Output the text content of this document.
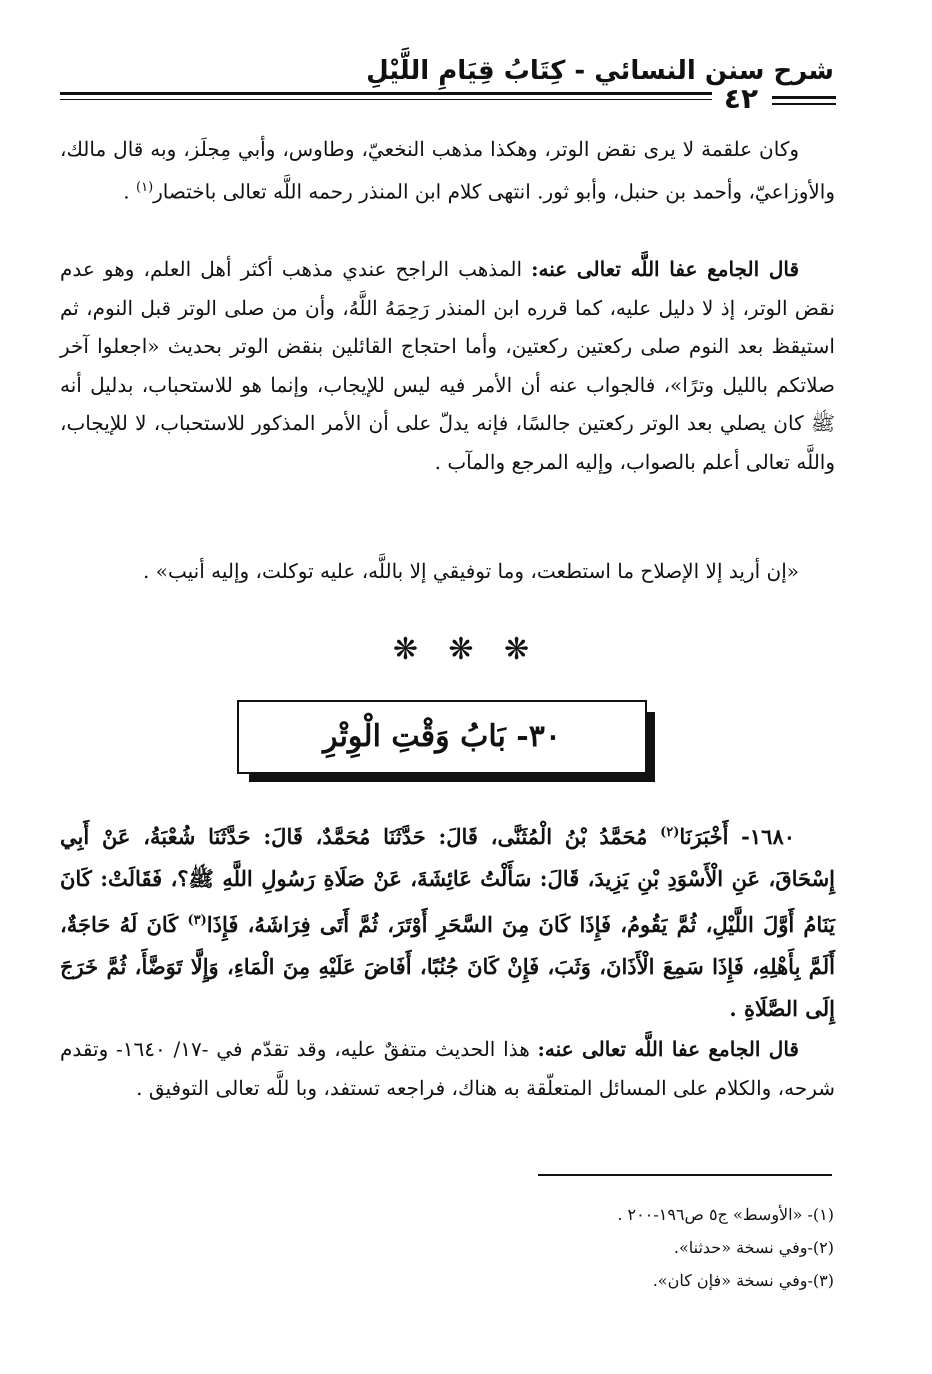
شرح سنن النسائي - كِتَابُ قِيَامِ اللَّيْلِ
٤٢

وكان علقمة لا يرى نقض الوتر، وهكذا مذهب النخعيّ، وطاوس، وأبي مِجلَز، وبه قال مالك، والأوزاعيّ، وأحمد بن حنبل، وأبو ثور. انتهى كلام ابن المنذر رحمه اللَّه تعالى باختصار$^{(١)}$ .

قال الجامع عفا اللَّه تعالى عنه: المذهب الراجح عندي مذهب أكثر أهل العلم، وهو عدم نقض الوتر، إذ لا دليل عليه، كما قرره ابن المنذر رَحِمَهُ اللَّهُ، وأن من صلى الوتر قبل النوم، ثم استيقظ بعد النوم صلى ركعتين ركعتين، وأما احتجاج القائلين بنقض الوتر بحديث «اجعلوا آخر صلاتكم بالليل وترًا»، فالجواب عنه أن الأمر فيه ليس للإيجاب، وإنما هو للاستحباب، بدليل أنه ﷺ كان يصلي بعد الوتر ركعتين جالسًا، فإنه يدلّ على أن الأمر المذكور للاستحباب، لا للإيجاب، واللَّه تعالى أعلم بالصواب، وإليه المرجع والمآب .

«إن أريد إلا الإصلاح ما استطعت، وما توفيقي إلا باللَّه، عليه توكلت، وإليه أنيب» .

❋ ❋ ❋
٣٠- بَابُ وَقْتِ الْوِتْرِ

١٦٨٠- أَخْبَرَنَا$^{(٢)}$ مُحَمَّدُ بْنُ الْمُثَنَّى، قَالَ: حَدَّثَنَا مُحَمَّدٌ، قَالَ: حَدَّثَنَا شُعْبَةُ، عَنْ أَبِي إِسْحَاقَ، عَنِ الْأَسْوَدِ بْنِ يَزِيدَ، قَالَ: سَأَلْتُ عَائِشَةَ، عَنْ صَلَاةِ رَسُولِ اللَّهِ ﷺ؟، فَقَالَتْ: كَانَ يَنَامُ أَوَّلَ اللَّيْلِ، ثُمَّ يَقُومُ، فَإِذَا كَانَ مِنَ السَّحَرِ أَوْتَرَ، ثُمَّ أَتَى فِرَاشَهُ، فَإِذَا$^{(٣)}$ كَانَ لَهُ حَاجَةٌ، أَلَمَّ بِأَهْلِهِ، فَإِذَا سَمِعَ الْأَذَانَ، وَثَبَ، فَإِنْ كَانَ جُنُبًا، أَفَاضَ عَلَيْهِ مِنَ الْمَاءِ، وَإِلَّا تَوَضَّأَ، ثُمَّ خَرَجَ إِلَى الصَّلَاةِ .

قال الجامع عفا اللَّه تعالى عنه: هذا الحديث متفقٌ عليه، وقد تقدّم في -١٧/ ١٦٤٠- وتقدم شرحه، والكلام على المسائل المتعلّقة به هناك، فراجعه تستفد، وبا للَّه تعالى التوفيق .

(١)- «الأوسط» ج٥ ص١٩٦-٢٠٠ .
(٢)-وفي نسخة «حدثنا».
(٣)-وفي نسخة «فإن كان».
